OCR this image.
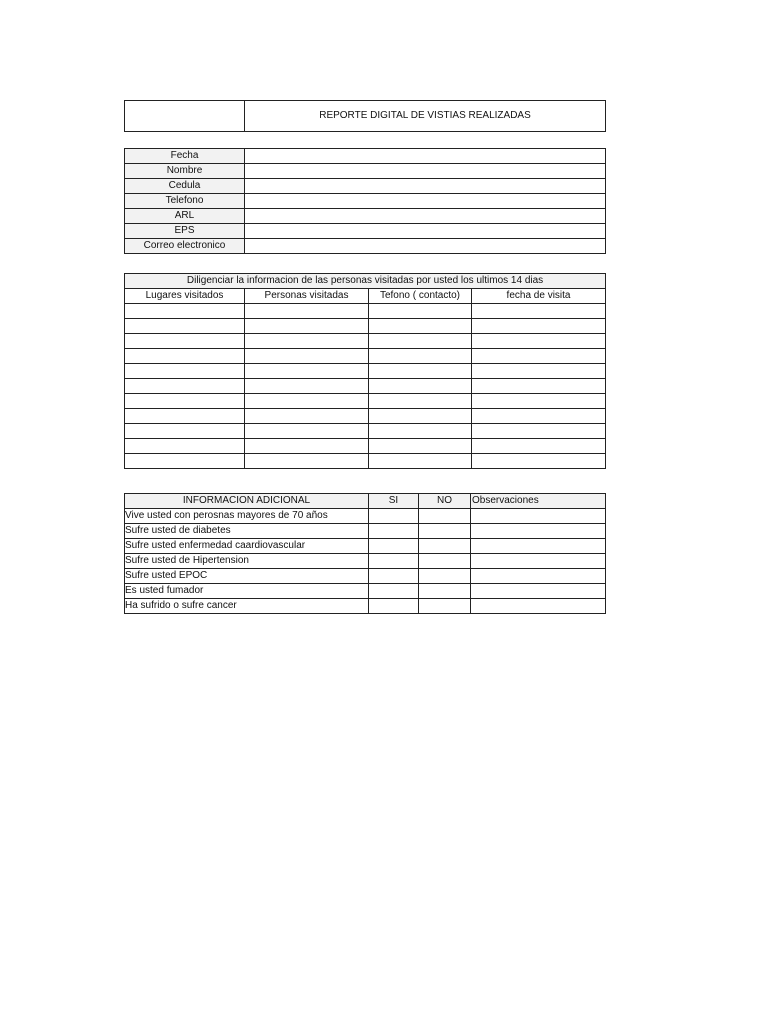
	REPORTE DIGITAL DE VISTIAS REALIZADAS
Fecha	
Nombre	
Cedula	
Telefono	
ARL	
EPS	
Correo electronico	
Diligenciar la informacion de las personas visitadas por usted los ultimos 14 dias			
Lugares visitados	Personas visitadas	Tefono ( contacto)	fecha de visita

INFORMACION ADICIONAL	SI	NO	Observaciones
Vive usted con perosnas mayores de 70 años			
Sufre usted de diabetes			
Sufre usted enfermedad caardiovascular			
Sufre usted de Hipertension			
Sufre usted EPOC			
Es usted fumador			
Ha sufrido o sufre cancer			
